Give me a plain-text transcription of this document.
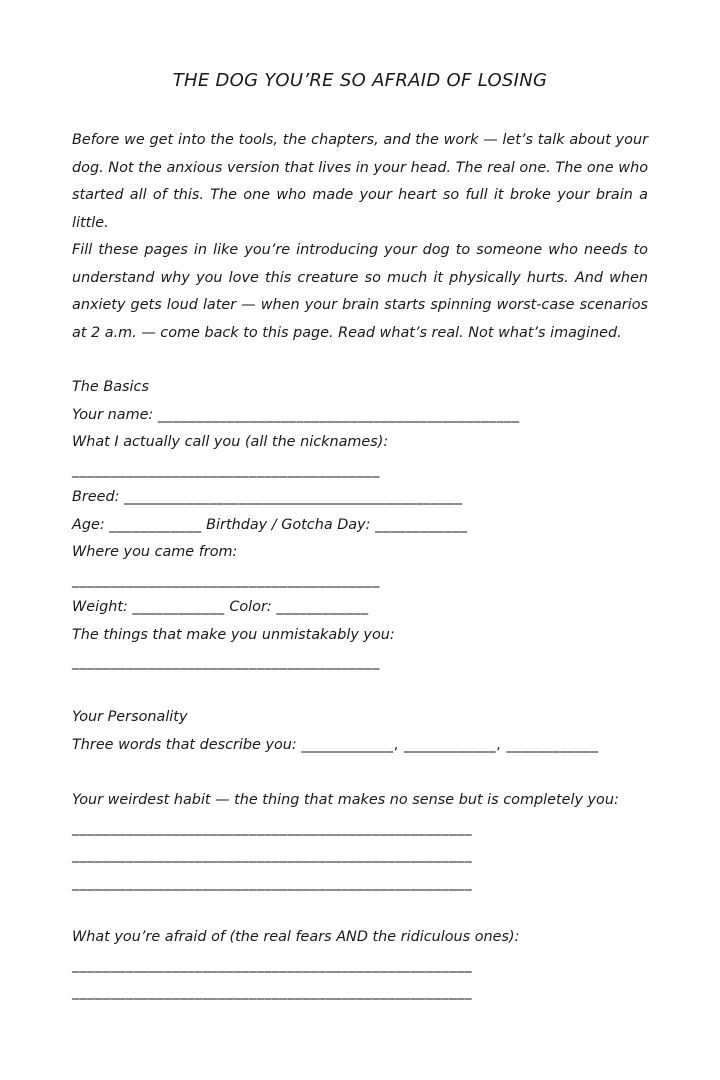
THE DOG YOU’RE SO AFRAID OF LOSING

Before we get into the tools, the chapters, and the work — let’s talk about your dog. Not the anxious version that lives in your head. The real one. The one who started all of this. The one who made your heart so full it broke your brain a little.

Fill these pages in like you’re introducing your dog to someone who needs to understand why you love this creature so much it physically hurts. And when anxiety gets loud later — when your brain starts spinning worst-case scenarios at 2 a.m. — come back to this page. Read what’s real. Not what’s imagined.

The Basics
Your name: _______________________________________________
What I actually call you (all the nicknames):
________________________________________
Breed: ____________________________________________
Age: ____________ Birthday / Gotcha Day: ____________
Where you came from:
________________________________________
Weight: ____________ Color: ____________
The things that make you unmistakably you:
________________________________________
Your Personality
Three words that describe you: ____________, ____________, ____________
Your weirdest habit — the thing that makes no sense but is completely you:
____________________________________________________
____________________________________________________
____________________________________________________
What you’re afraid of (the real fears AND the ridiculous ones):
____________________________________________________
____________________________________________________
